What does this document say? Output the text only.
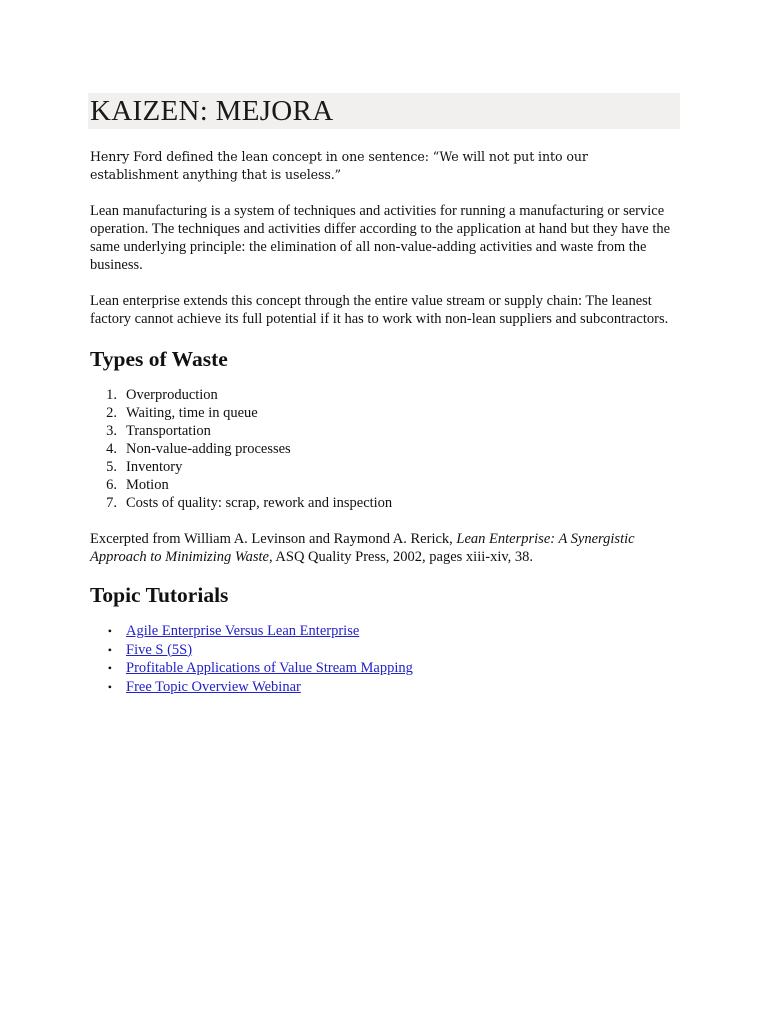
KAIZEN: MEJORA

Henry Ford defined the lean concept in one sentence: “We will not put into our establishment anything that is useless.”

Lean manufacturing is a system of techniques and activities for running a manufacturing or service operation. The techniques and activities differ according to the application at hand but they have the same underlying principle: the elimination of all non-value-adding activities and waste from the business.

Lean enterprise extends this concept through the entire value stream or supply chain: The leanest factory cannot achieve its full potential if it has to work with non-lean suppliers and subcontractors.

Types of Waste
1. Overproduction
2. Waiting, time in queue
3. Transportation
4. Non-value-adding processes
5. Inventory
6. Motion
7. Costs of quality: scrap, rework and inspection

Excerpted from William A. Levinson and Raymond A. Rerick, Lean Enterprise: A Synergistic Approach to Minimizing Waste, ASQ Quality Press, 2002, pages xiii-xiv, 38.

Topic Tutorials
• Agile Enterprise Versus Lean Enterprise
• Five S (5S)
• Profitable Applications of Value Stream Mapping
• Free Topic Overview Webinar
